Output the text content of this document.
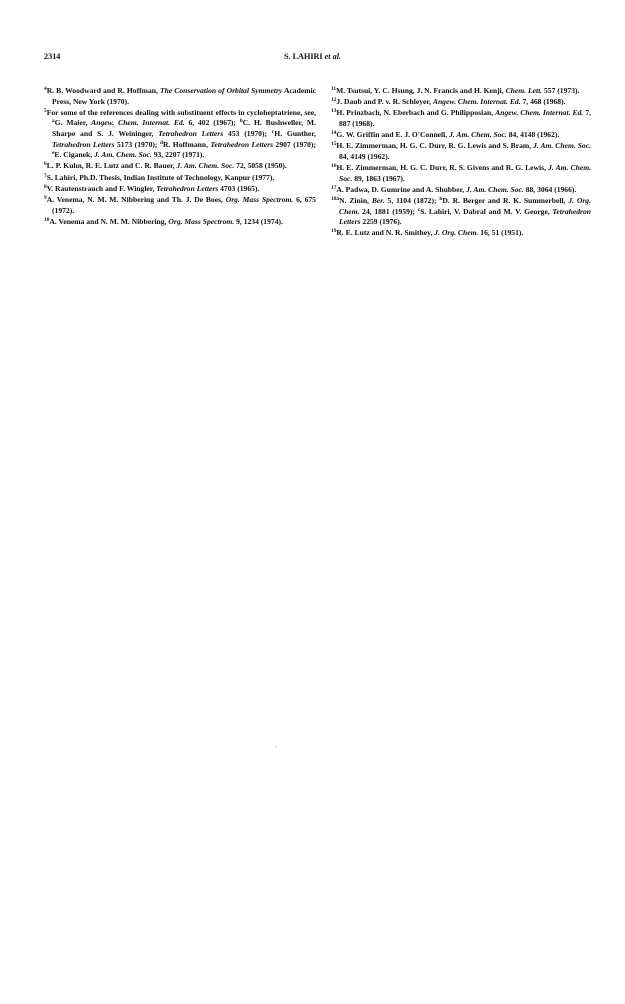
2314	S. LAHIRI et al.

$^4$R. B. Woodward and R. Hoffman, The Conservation of Orbital Symmetry Academic Press, New York (1970).

$^5$For some of the references dealing with substituent effects in cycloheptatriene, see, $^a$G. Maier, Angew. Chem. Internat. Ed. 6, 402 (1967); $^b$C. H. Bushweller, M. Sharpe and S. J. Weininger, Tetrahedron Letters 453 (1970); $^c$H. Gunther, Tetrahedron Letters 5173 (1970); $^d$R. Hoffmann, Tetrahedron Letters 2907 (1970); $^e$E. Ciganek, J. Am. Chem. Soc. 93, 2207 (1971).

$^6$L. P. Kuhn, R. E. Lutz and C. R. Bauer, J. Am. Chem. Soc. 72, 5058 (1950).

$^7$S. Lahiri, Ph.D. Thesis, Indian Institute of Technology, Kanpur (1977).

$^8$V. Rautenstrauch and F. Wingler, Tetrahedron Letters 4703 (1965).

$^9$A. Venema, N. M. M. Nibbering and Th. J. De Boes, Org. Mass Spectrom. 6, 675 (1972).

$^{10}$A. Venema and N. M. M. Nibbering, Org. Mass Spectrom. 9, 1234 (1974).

$^{11}$M. Tsutsui, Y. C. Hsung, J. N. Francis and H. Kenji, Chem. Lett. 557 (1973).

$^{12}$J. Daub and P. v. R. Schleyer, Angew. Chem. Internat. Ed. 7, 468 (1968).

$^{13}$H. Prinzbach, N. Eberbach and G. Philipposian, Angew. Chem. Internat. Ed. 7, 887 (1968).

$^{14}$G. W. Griffin and E. J. O'Connell, J. Am. Chem. Soc. 84, 4148 (1962).

$^{15}$H. E. Zimmerman, H. G. C. Durr, R. G. Lewis and S. Bram, J. Am. Chem. Soc. 84, 4149 (1962).

$^{16}$H. E. Zimmerman, H. G. C. Durr, R. S. Givens and R. G. Lewis, J. Am. Chem. Soc. 89, 1863 (1967).

$^{17}$A. Padwa, D. Gumrine and A. Shubber, J. Am. Chem. Soc. 88, 3064 (1966).

$^{18a}$N. Zinin, Ber. 5, 1104 (1872); $^b$D. R. Berger and R. K. Summerbell, J. Org. Chem. 24, 1881 (1959); $^c$S. Lahiri, V. Dabral and M. V. George, Tetrahedron Letters 2259 (1976).

$^{19}$R. E. Lutz and N. R. Smithey, J. Org. Chem. 16, 51 (1951).
